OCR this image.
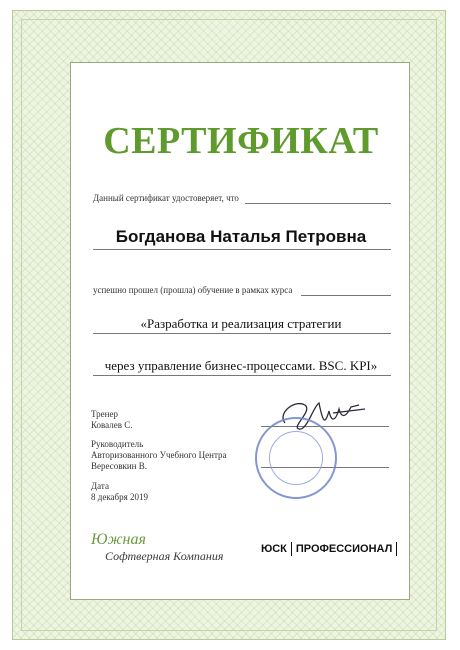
СЕРТИФИКАТ
Данный сертификат удостоверяет, что
Богданова Наталья Петровна
успешно прошел (прошла) обучение в рамках курса
«Разработка и реализация стратегии
через управление бизнес-процессами. BSC. KPI»
Тренер
Ковалев С.
Руководитель
Авторизованного Учебного Центра
Вересовкин В.
Дата
8 декабря 2019
Южная
Софтверная Компания
ЮСК ПРОФЕССИОНАЛ
